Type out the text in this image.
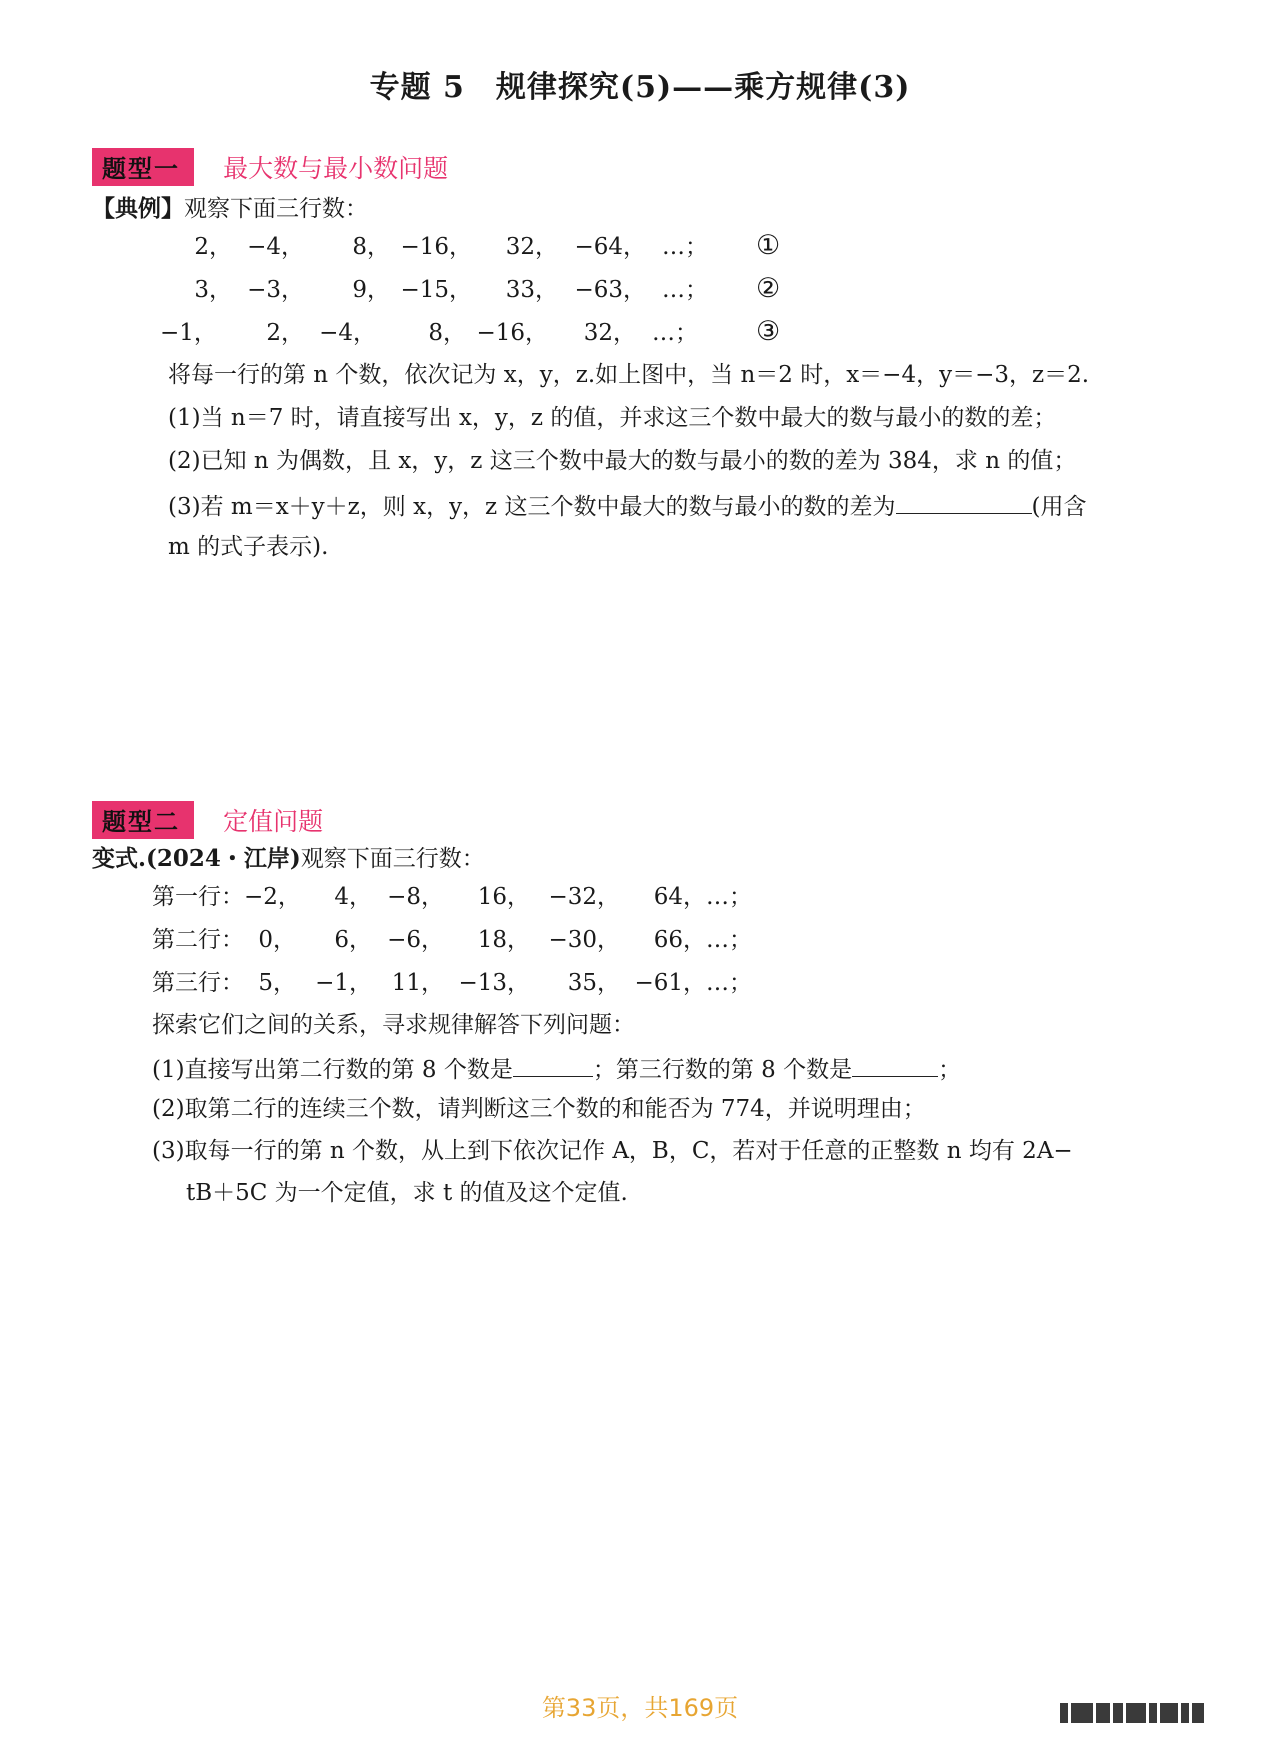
专题 5　规律探究(5)——乘方规律(3)
题型一 最大数与最小数问题
【典例】观察下面三行数：
2， −4， 8， −16， 32， −64， …； ①
3， −3， 9， −15， 33， −63， …； ②
−1， 2， −4， 8， −16， 32， …； ③
将每一行的第 n 个数，依次记为 x，y，z.如上图中，当 n＝2 时，x＝−4，y＝−3，z＝2.
(1)当 n＝7 时，请直接写出 x，y，z 的值，并求这三个数中最大的数与最小的数的差；
(2)已知 n 为偶数，且 x，y，z 这三个数中最大的数与最小的数的差为 384，求 n 的值；
(3)若 m＝x＋y＋z，则 x，y，z 这三个数中最大的数与最小的数的差为	(用含
m 的式子表示).
题型二 定值问题
变式.(2024・江岸)观察下面三行数：
第一行：−2， 4， −8， 16， −32， 64，…；
第二行： 0， 6， −6， 18， −30， 66，…；
第三行： 5， −1， 11， −13， 35， −61，…；
探索它们之间的关系，寻求规律解答下列问题：
(1)直接写出第二行数的第 8 个数是	；第三行数的第 8 个数是	；
(2)取第二行的连续三个数，请判断这三个数的和能否为 774，并说明理由；
(3)取每一行的第 n 个数，从上到下依次记作 A，B，C，若对于任意的正整数 n 均有 2A−
tB＋5C 为一个定值，求 t 的值及这个定值.
第33页，共169页
